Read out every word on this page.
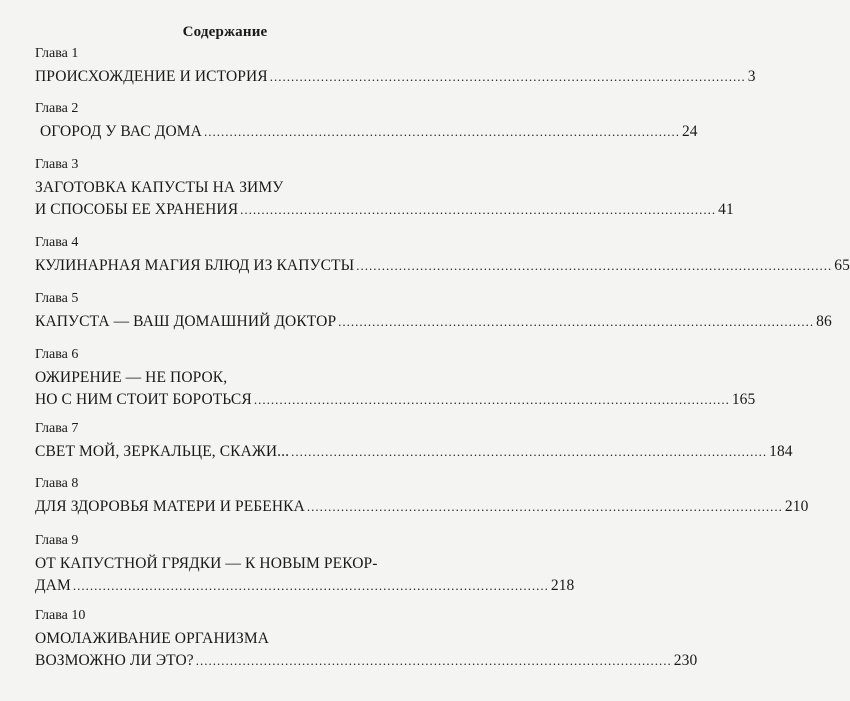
Содержание
Глава 1
ПРОИСХОЖДЕНИЕ И ИСТОРИЯ ................................................................................................................ 3
Глава 2
ОГОРОД У ВАС ДОМА ................................................................................................................ 24
Глава 3
ЗАГОТОВКА КАПУСТЫ НА ЗИМУ
И СПОСОБЫ ЕЕ ХРАНЕНИЯ ................................................................................................................ 41
Глава 4
КУЛИНАРНАЯ МАГИЯ БЛЮД ИЗ КАПУСТЫ ................................................................................................................ 65
Глава 5
КАПУСТА — ВАШ ДОМАШНИЙ ДОКТОР ................................................................................................................ 86
Глава 6
ОЖИРЕНИЕ — НЕ ПОРОК,
НО С НИМ СТОИТ БОРОТЬСЯ ................................................................................................................ 165
Глава 7
СВЕТ МОЙ, ЗЕРКАЛЬЦЕ, СКАЖИ... ................................................................................................................ 184
Глава 8
ДЛЯ ЗДОРОВЬЯ МАТЕРИ И РЕБЕНКА ................................................................................................................ 210
Глава 9
ОТ КАПУСТНОЙ ГРЯДКИ — К НОВЫМ РЕКОР-
ДАМ ................................................................................................................ 218
Глава 10
ОМОЛАЖИВАНИЕ ОРГАНИЗМА
ВОЗМОЖНО ЛИ ЭТО? ................................................................................................................ 230
